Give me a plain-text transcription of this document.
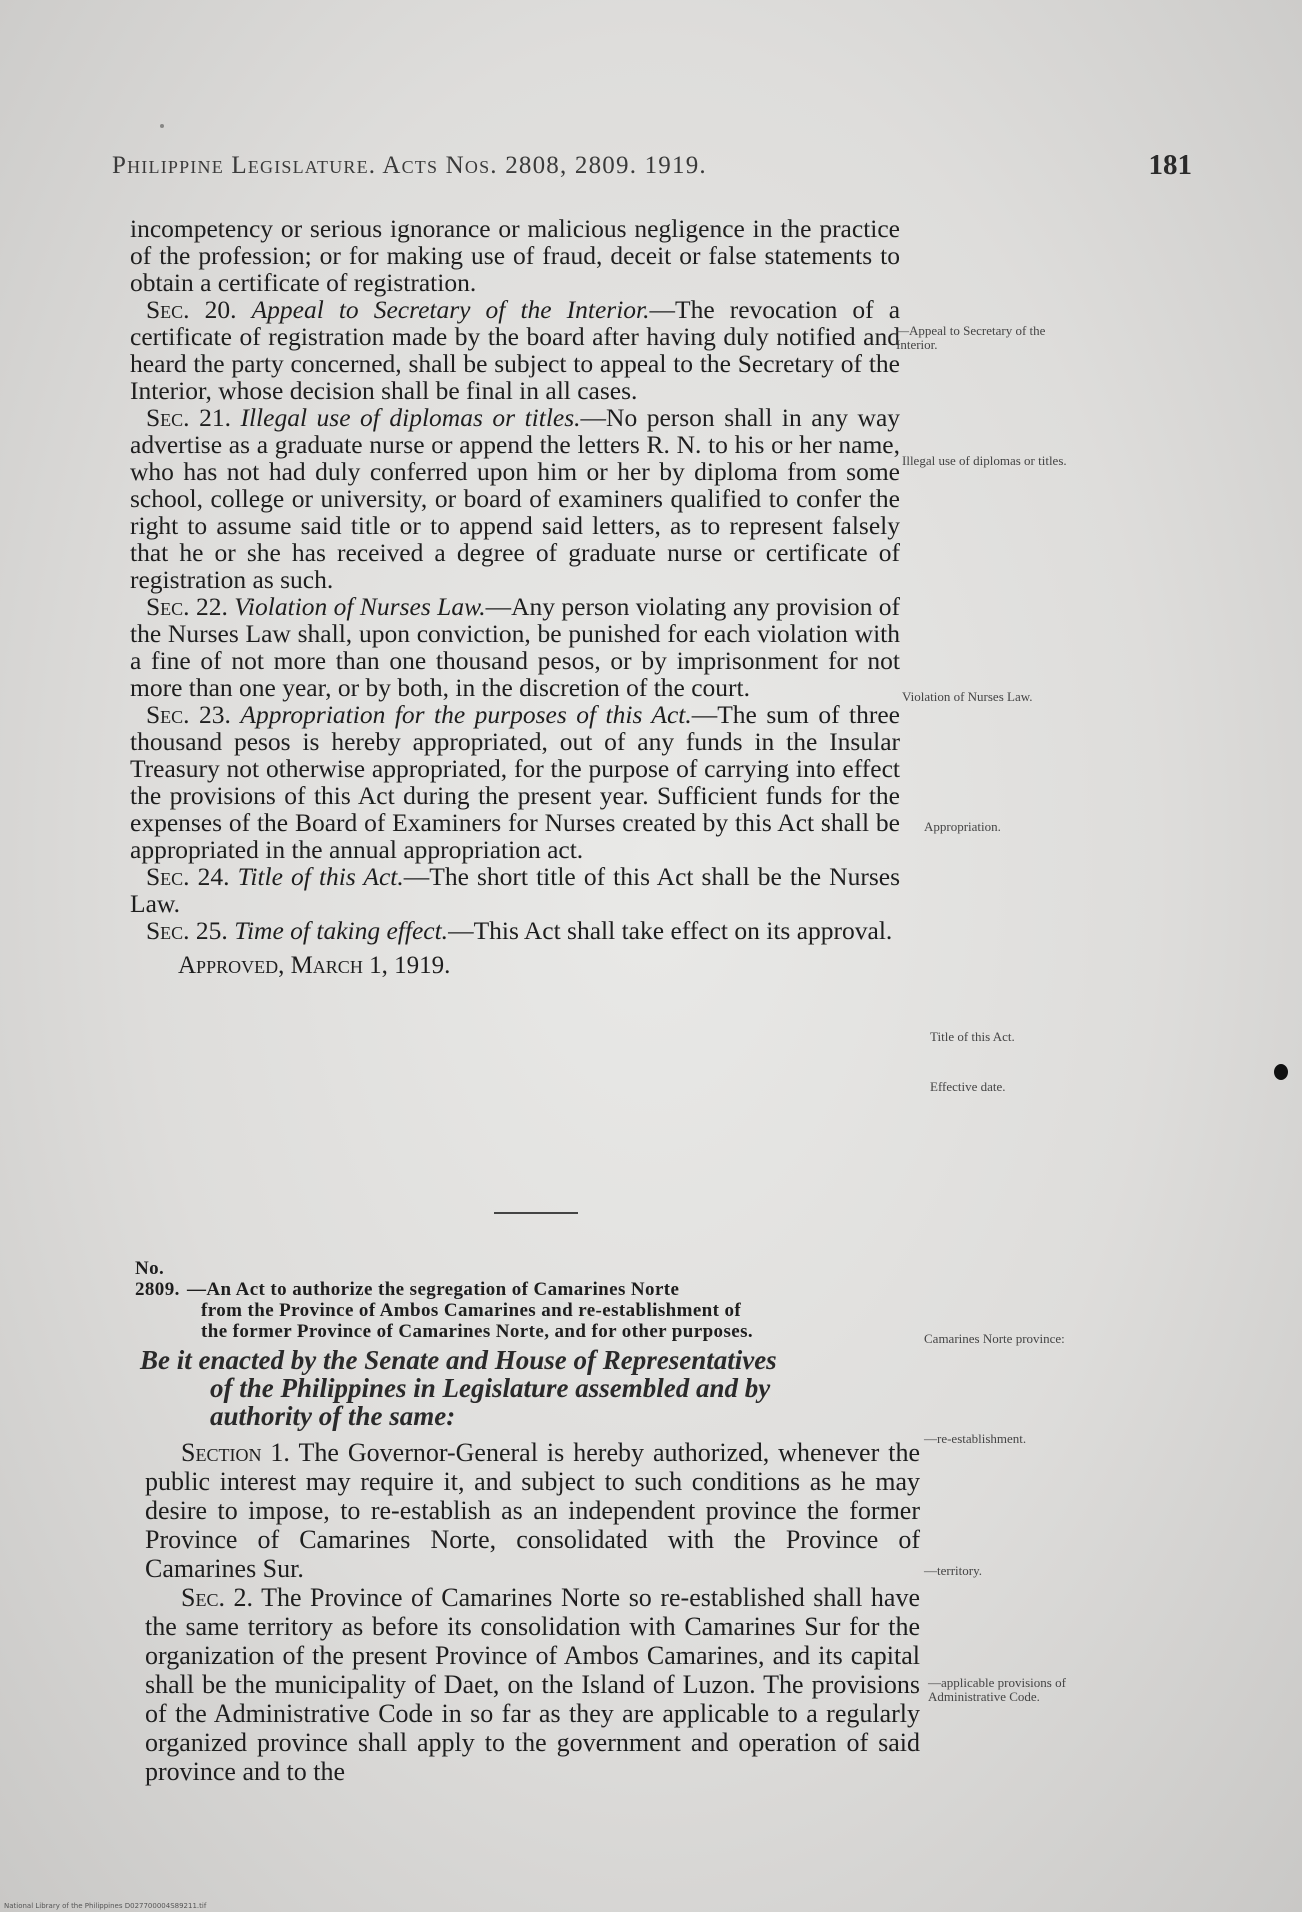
Philippine Legislature. Acts Nos. 2808, 2809. 1919.	181

incompetency or serious ignorance or malicious negligence in the practice of the profession; or for making use of fraud, deceit or false statements to obtain a certificate of registration.

Sec. 20. Appeal to Secretary of the Interior.—The revocation of a certificate of registration made by the board after having duly notified and heard the party concerned, shall be subject to appeal to the Secretary of the Interior, whose decision shall be final in all cases.

Sec. 21. Illegal use of diplomas or titles.—No person shall in any way advertise as a graduate nurse or append the letters R. N. to his or her name, who has not had duly conferred upon him or her by diploma from some school, college or university, or board of examiners qualified to confer the right to assume said title or to append said letters, as to represent falsely that he or she has received a degree of graduate nurse or certificate of registration as such.

Sec. 22. Violation of Nurses Law.—Any person violating any provision of the Nurses Law shall, upon conviction, be punished for each violation with a fine of not more than one thousand pesos, or by imprisonment for not more than one year, or by both, in the discretion of the court.

Sec. 23. Appropriation for the purposes of this Act.—The sum of three thousand pesos is hereby appropriated, out of any funds in the Insular Treasury not otherwise appropriated, for the purpose of carrying into effect the provisions of this Act during the present year. Sufficient funds for the expenses of the Board of Examiners for Nurses created by this Act shall be appropriated in the annual appropriation act.

Sec. 24. Title of this Act.—The short title of this Act shall be the Nurses Law.

Sec. 25. Time of taking effect.—This Act shall take effect on its approval.

Approved, March 1, 1919.

No. 2809. —An Act to authorize the segregation of Camarines Norte
from the Province of Ambos Camarines and re-establishment of
the former Province of Camarines Norte, and for other purposes.
Be it enacted by the Senate and House of Representatives
of the Philippines in Legislature assembled and by
authority of the same:

Section 1. The Governor-General is hereby authorized, whenever the public interest may require it, and subject to such conditions as he may desire to impose, to re-establish as an independent province the former Province of Camarines Norte, consolidated with the Province of Camarines Sur.

Sec. 2. The Province of Camarines Norte so re-established shall have the same territory as before its consolidation with Camarines Sur for the organization of the present Province of Ambos Camarines, and its capital shall be the municipality of Daet, on the Island of Luzon. The provisions of the Administrative Code in so far as they are applicable to a regularly organized province shall apply to the government and operation of said province and to the

—Appeal to Secretary of the Interior.
Illegal use of diplomas or titles.
Violation of Nurses Law.
Appropriation.
Title of this Act.
Effective date.
Camarines Norte province:
—re-establishment.
—territory.
—applicable provisions of Administrative Code.
National Library of the Philippines D027700004S89211.tif
